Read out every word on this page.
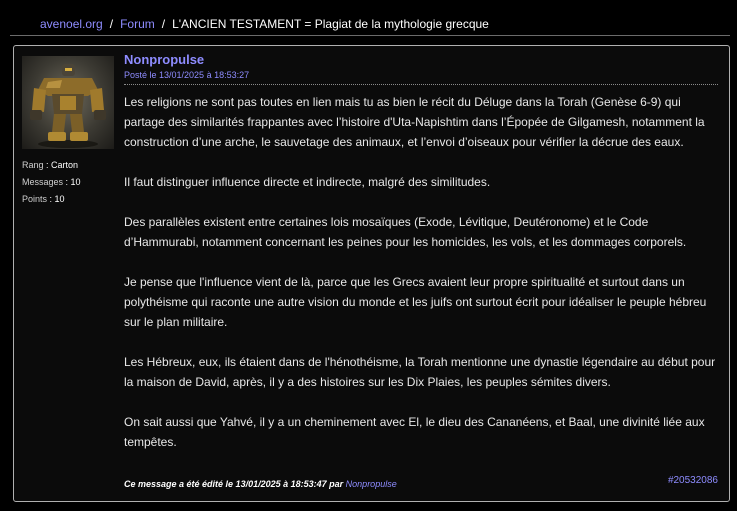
avenoel.org / Forum / L'ANCIEN TESTAMENT = Plagiat de la mythologie grecque
Rang : Carton
Messages : 10
Points : 10
Nonpropulse
Posté le 13/01/2025 à 18:53:27

Les religions ne sont pas toutes en lien mais tu as bien le récit du Déluge dans la Torah (Genèse 6-9) qui partage des similarités frappantes avec l’histoire d'Uta-Napishtim dans l’Épopée de Gilgamesh, notamment la construction d’une arche, le sauvetage des animaux, et l’envoi d’oiseaux pour vérifier la décrue des eaux.

Il faut distinguer influence directe et indirecte, malgré des similitudes.

Des parallèles existent entre certaines lois mosaïques (Exode, Lévitique, Deutéronome) et le Code d’Hammurabi, notamment concernant les peines pour les homicides, les vols, et les dommages corporels.

Je pense que l'influence vient de là, parce que les Grecs avaient leur propre spiritualité et surtout dans un polythéisme qui raconte une autre vision du monde et les juifs ont surtout écrit pour idéaliser le peuple hébreu sur le plan militaire.

Les Hébreux, eux, ils étaient dans de l'hénothéisme, la Torah mentionne une dynastie légendaire au début pour la maison de David, après, il y a des histoires sur les Dix Plaies, les peuples sémites divers.

On sait aussi que Yahvé, il y a un cheminement avec El, le dieu des Cananéens, et Baal, une divinité liée aux tempêtes.

Ce message a été édité le 13/01/2025 à 18:53:47 par Nonpropulse	#20532086
